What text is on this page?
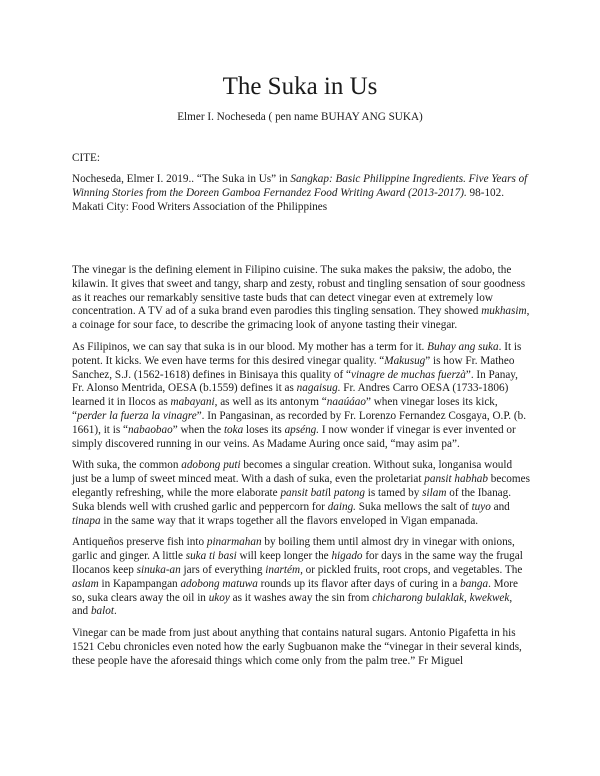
The Suka in Us

Elmer I. Nocheseda ( pen name BUHAY ANG SUKA)

CITE:

Nocheseda, Elmer I. 2019.. “The Suka in Us” in Sangkap: Basic Philippine Ingredients. Five Years of Winning Stories from the Doreen Gamboa Fernandez Food Writing Award (2013-2017). 98-102. Makati City: Food Writers Association of the Philippines

The vinegar is the defining element in Filipino cuisine. The suka makes the paksiw, the adobo, the kilawin. It gives that sweet and tangy, sharp and zesty, robust and tingling sensation of sour goodness as it reaches our remarkably sensitive taste buds that can detect vinegar even at extremely low concentration. A TV ad of a suka brand even parodies this tingling sensation. They showed mukhasim, a coinage for sour face, to describe the grimacing look of anyone tasting their vinegar.

As Filipinos, we can say that suka is in our blood. My mother has a term for it. Buhay ang suka. It is potent. It kicks. We even have terms for this desired vinegar quality. “Makusug” is how Fr. Matheo Sanchez, S.J. (1562-1618) defines in Binisaya this quality of “vinagre de muchas fuerzà”. In Panay, Fr. Alonso Mentrida, OESA (b.1559) defines it as nagaisug. Fr. Andres Carro OESA (1733-1806) learned it in Ilocos as mabayani, as well as its antonym “naaúáao” when vinegar loses its kick, “perder la fuerza la vinagre”. In Pangasinan, as recorded by Fr. Lorenzo Fernandez Cosgaya, O.P. (b. 1661), it is “nabaobao” when the toka loses its apséng. I now wonder if vinegar is ever invented or simply discovered running in our veins. As Madame Auring once said, “may asim pa”.

With suka, the common adobong puti becomes a singular creation. Without suka, longanisa would just be a lump of sweet minced meat. With a dash of suka, even the proletariat pansit habhab becomes elegantly refreshing, while the more elaborate pansit batil patong is tamed by silam of the Ibanag. Suka blends well with crushed garlic and peppercorn for daing. Suka mellows the salt of tuyo and tinapa in the same way that it wraps together all the flavors enveloped in Vigan empanada.

Antiqueños preserve fish into pinarmahan by boiling them until almost dry in vinegar with onions, garlic and ginger. A little suka ti basi will keep longer the higado for days in the same way the frugal Ilocanos keep sinuka-an jars of everything inartém, or pickled fruits, root crops, and vegetables. The aslam in Kapampangan adobong matuwa rounds up its flavor after days of curing in a banga. More so, suka clears away the oil in ukoy as it washes away the sin from chicharong bulaklak, kwekwek, and balot.

Vinegar can be made from just about anything that contains natural sugars. Antonio Pigafetta in his 1521 Cebu chronicles even noted how the early Sugbuanon make the “vinegar in their several kinds, these people have the aforesaid things which come only from the palm tree.” Fr Miguel
